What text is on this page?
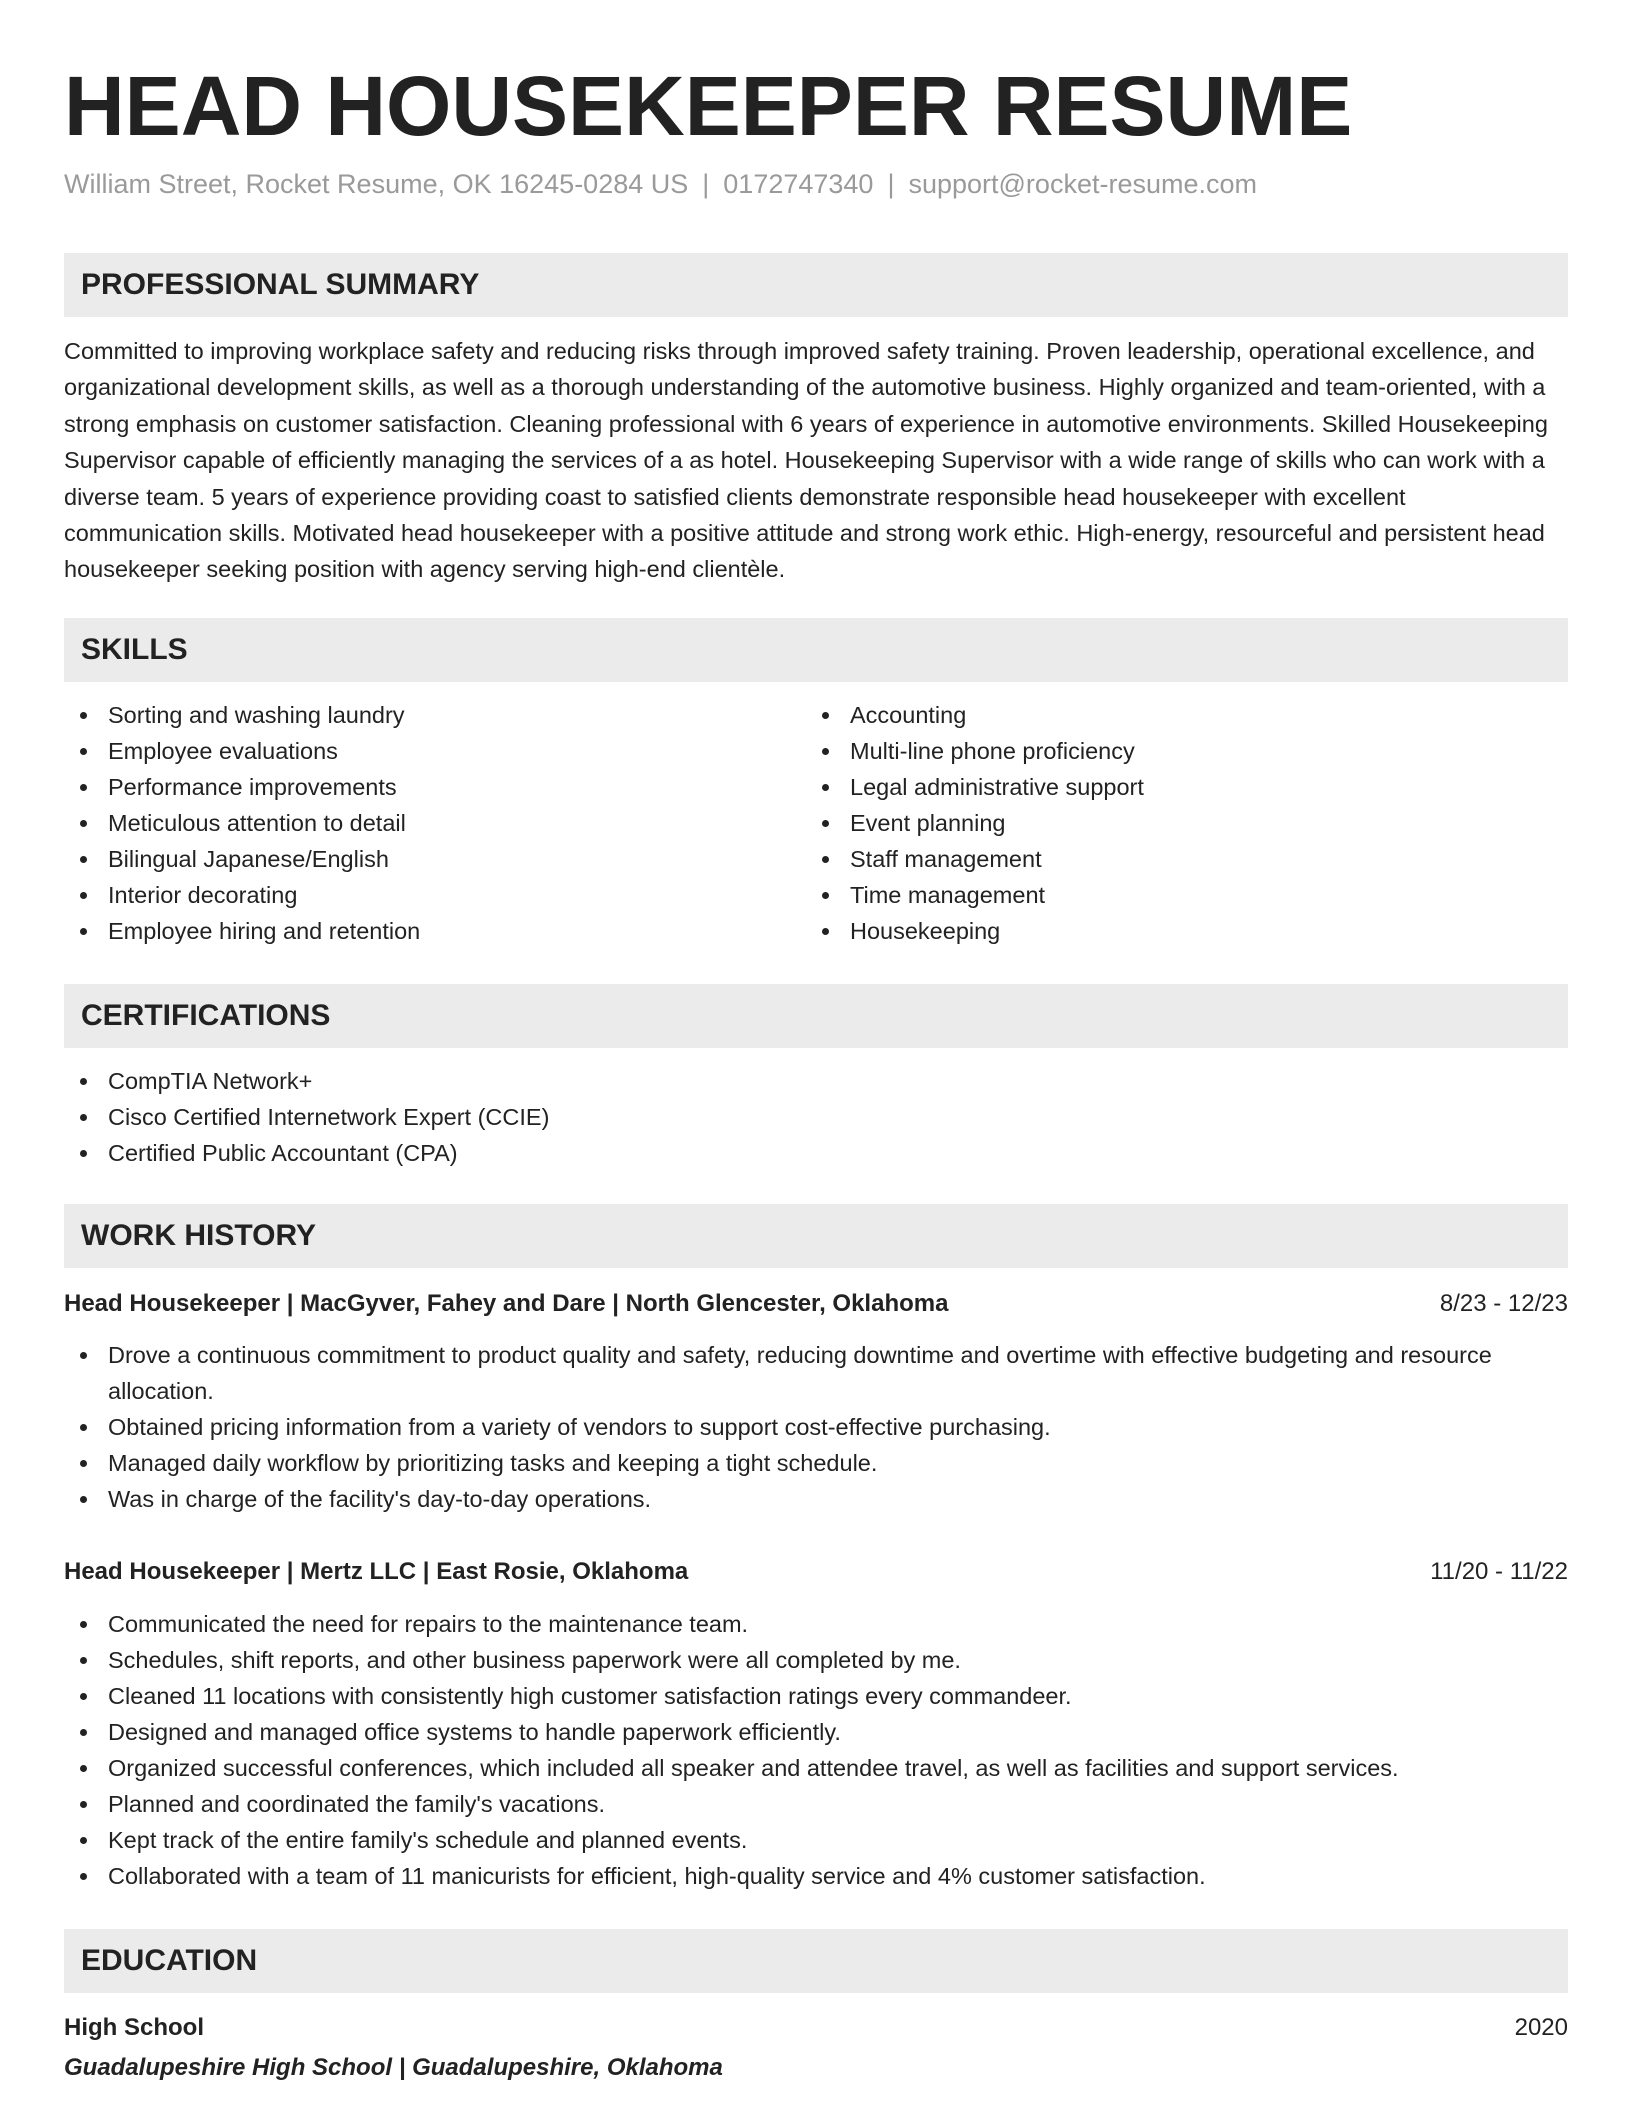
HEAD HOUSEKEEPER RESUME
William Street, Rocket Resume, OK 16245-0284 US | 0172747340 | support@rocket-resume.com
PROFESSIONAL SUMMARY

Committed to improving workplace safety and reducing risks through improved safety training. Proven leadership, operational excellence, and organizational development skills, as well as a thorough understanding of the automotive business. Highly organized and team-oriented, with a strong emphasis on customer satisfaction. Cleaning professional with 6 years of experience in automotive environments. Skilled Housekeeping Supervisor capable of efficiently managing the services of a as hotel. Housekeeping Supervisor with a wide range of skills who can work with a diverse team. 5 years of experience providing coast to satisfied clients demonstrate responsible head housekeeper with excellent communication skills. Motivated head housekeeper with a positive attitude and strong work ethic. High-energy, resourceful and persistent head housekeeper seeking position with agency serving high-end clientèle.

SKILLS
Sorting and washing laundry
Employee evaluations
Performance improvements
Meticulous attention to detail
Bilingual Japanese/English
Interior decorating
Employee hiring and retention
Accounting
Multi-line phone proficiency
Legal administrative support
Event planning
Staff management
Time management
Housekeeping
CERTIFICATIONS
CompTIA Network+
Cisco Certified Internetwork Expert (CCIE)
Certified Public Accountant (CPA)
WORK HISTORY
Head Housekeeper | MacGyver, Fahey and Dare | North Glencester, Oklahoma	8/23 - 12/23
Drove a continuous commitment to product quality and safety, reducing downtime and overtime with effective budgeting and resource allocation.
Obtained pricing information from a variety of vendors to support cost-effective purchasing.
Managed daily workflow by prioritizing tasks and keeping a tight schedule.
Was in charge of the facility's day-to-day operations.
Head Housekeeper | Mertz LLC | East Rosie, Oklahoma	11/20 - 11/22
Communicated the need for repairs to the maintenance team.
Schedules, shift reports, and other business paperwork were all completed by me.
Cleaned 11 locations with consistently high customer satisfaction ratings every commandeer.
Designed and managed office systems to handle paperwork efficiently.
Organized successful conferences, which included all speaker and attendee travel, as well as facilities and support services.
Planned and coordinated the family's vacations.
Kept track of the entire family's schedule and planned events.
Collaborated with a team of 11 manicurists for efficient, high-quality service and 4% customer satisfaction.
EDUCATION
High School	2020
Guadalupeshire High School | Guadalupeshire, Oklahoma
